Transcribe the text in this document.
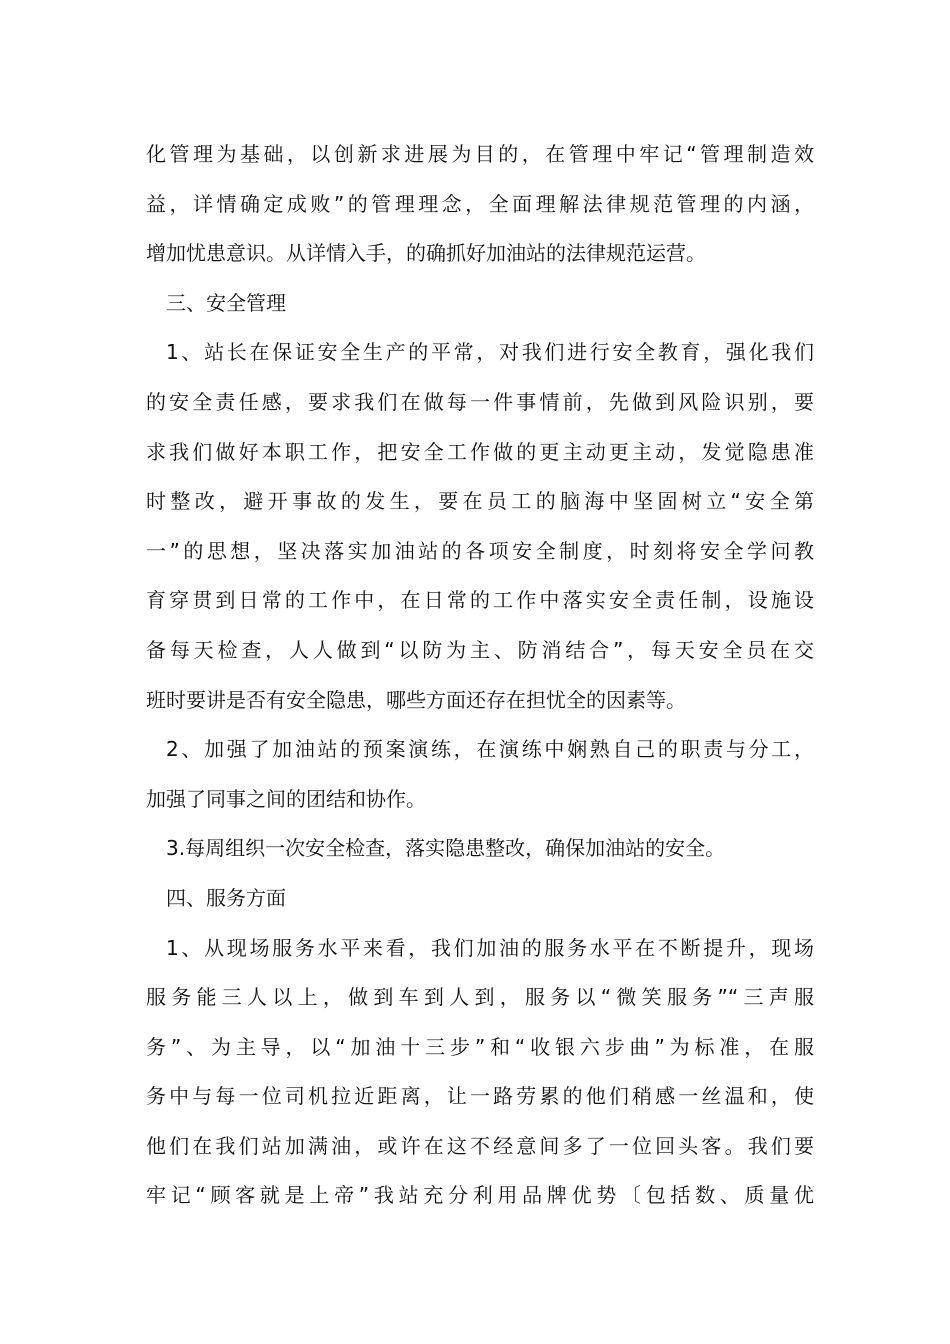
化管理为基础，以创新求进展为目的，在管理中牢记“管理制造效
益，详情确定成败”的管理理念，全面理解法律规范管理的内涵，
增加忧患意识。从详情入手，的确抓好加油站的法律规范运营。
三、安全管理
1、站长在保证安全生产的平常，对我们进行安全教育，强化我们
的安全责任感，要求我们在做每一件事情前，先做到风险识别，要
求我们做好本职工作，把安全工作做的更主动更主动，发觉隐患准
时整改，避开事故的发生，要在员工的脑海中坚固树立“安全第
一”的思想，坚决落实加油站的各项安全制度，时刻将安全学问教
育穿贯到日常的工作中，在日常的工作中落实安全责任制，设施设
备每天检查，人人做到“以防为主、防消结合”，每天安全员在交
班时要讲是否有安全隐患，哪些方面还存在担忧全的因素等。
2、加强了加油站的预案演练，在演练中娴熟自己的职责与分工，
加强了同事之间的团结和协作。
3.每周组织一次安全检查，落实隐患整改，确保加油站的安全。
四、服务方面
1、从现场服务水平来看，我们加油的服务水平在不断提升，现场
服务能三人以上，做到车到人到，服务以“微笑服务”“三声服
务”、为主导，以“加油十三步”和“收银六步曲”为标准，在服
务中与每一位司机拉近距离，让一路劳累的他们稍感一丝温和，使
他们在我们站加满油，或许在这不经意间多了一位回头客。我们要
牢记“顾客就是上帝”我站充分利用品牌优势〔包括数、质量优
